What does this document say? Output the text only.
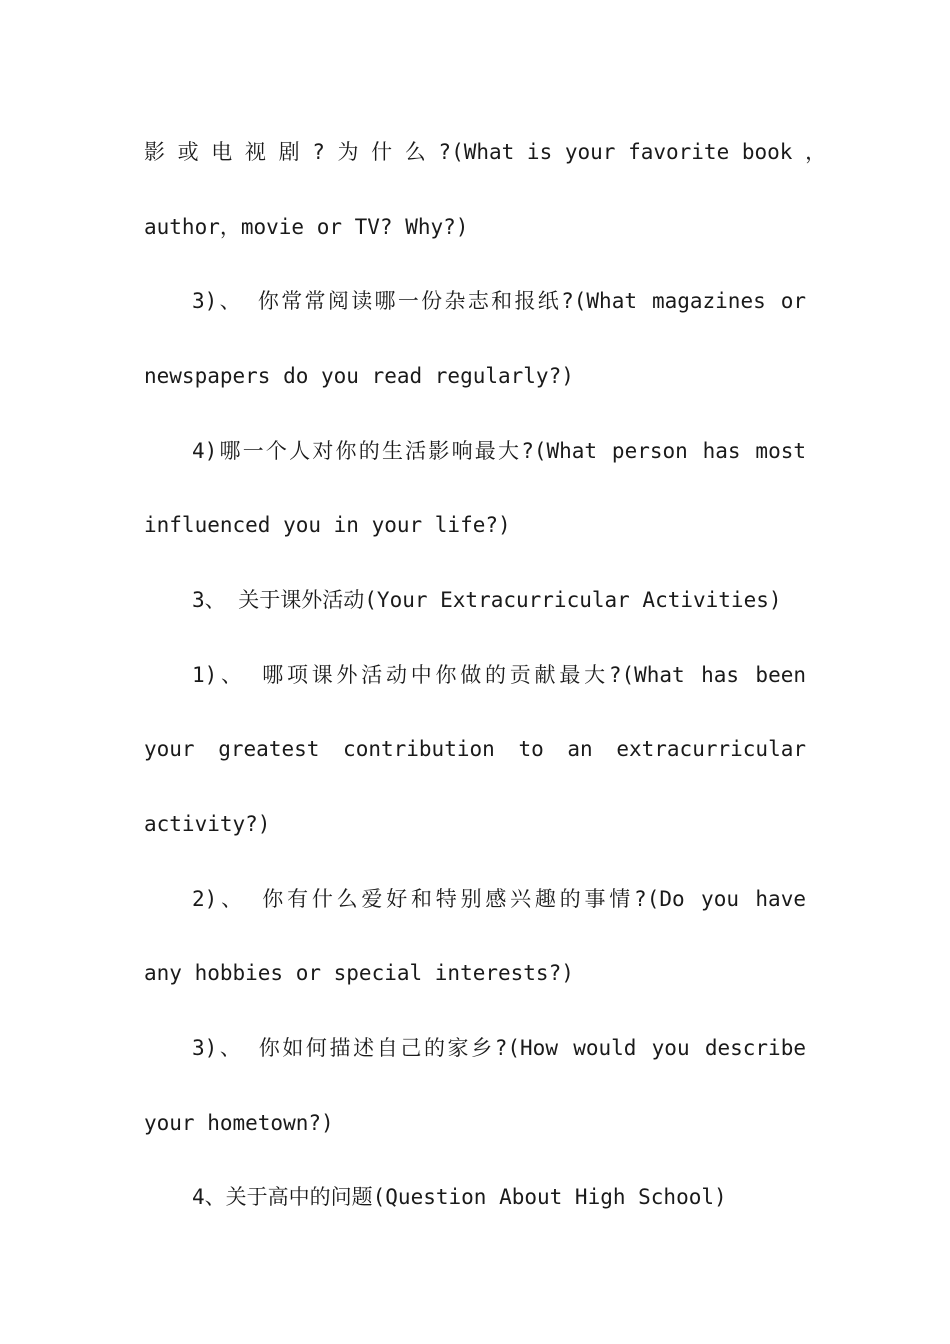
影 或 电 视 剧 ? 为 什 么 ?(What is your favorite book ，
author，movie or TV? Why?)
3)、 你常常阅读哪一份杂志和报纸?(What magazines or
newspapers do you read regularly?)
4)哪一个人对你的生活影响最大?(What person has most
influenced you in your life?)
3、 关于课外活动(Your Extracurricular Activities)
1)、 哪项课外活动中你做的贡献最大?(What has been
your greatest contribution to an extracurricular
activity?)
2)、 你有什么爱好和特别感兴趣的事情?(Do you have
any hobbies or special interests?)
3)、 你如何描述自己的家乡?(How would you describe
your hometown?)
4、关于高中的问题(Question About High School)
